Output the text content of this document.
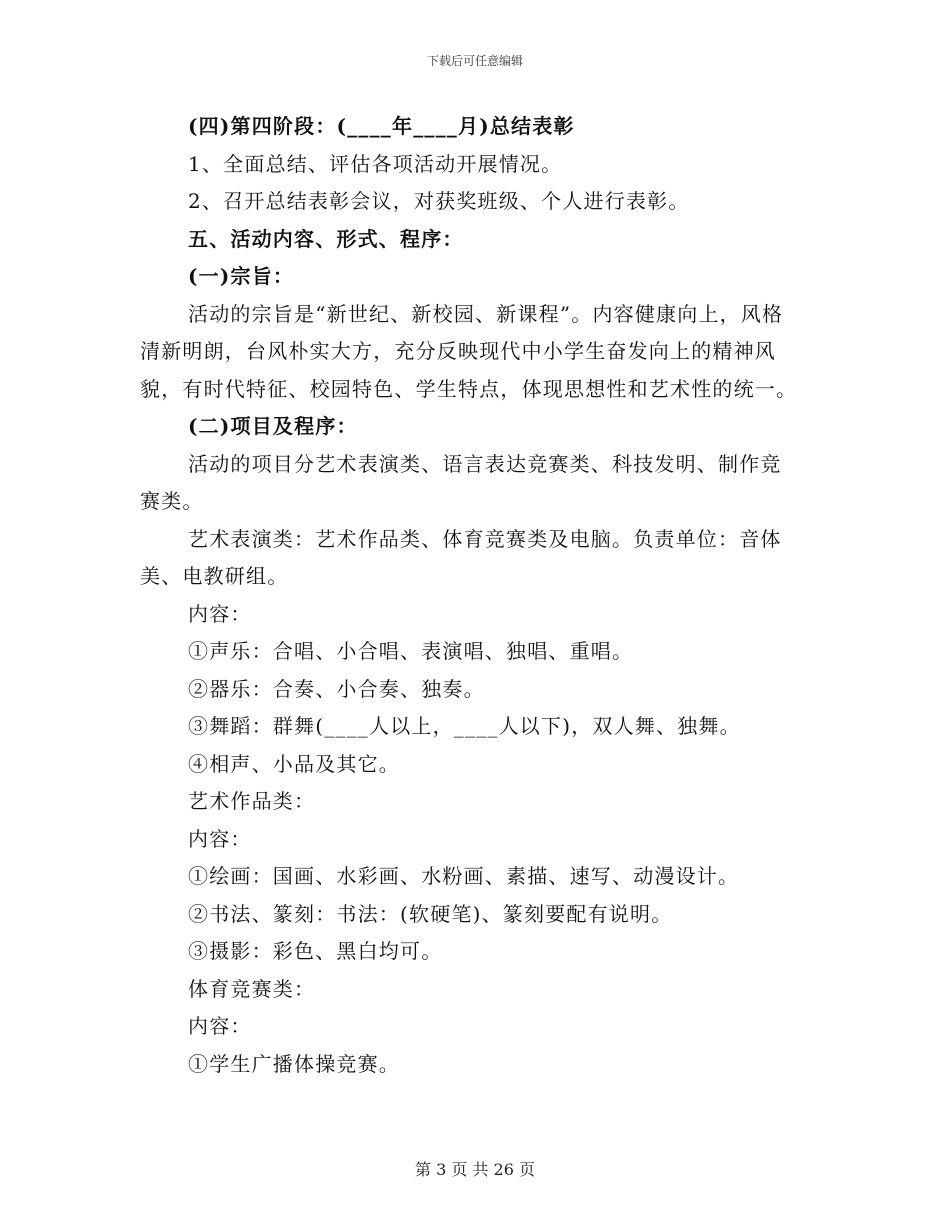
下载后可任意编辑

(四)第四阶段：(____年____月)总结表彰

1、全面总结、评估各项活动开展情况。

2、召开总结表彰会议，对获奖班级、个人进行表彰。

五、活动内容、形式、程序：

(一)宗旨：

活动的宗旨是“新世纪、新校园、新课程”。内容健康向上，风格清新明朗，台风朴实大方，充分反映现代中小学生奋发向上的精神风貌，有时代特征、校园特色、学生特点，体现思想性和艺术性的统一。

(二)项目及程序：

活动的项目分艺术表演类、语言表达竞赛类、科技发明、制作竞赛类。

艺术表演类：艺术作品类、体育竞赛类及电脑。负责单位：音体美、电教研组。

内容：

①声乐：合唱、小合唱、表演唱、独唱、重唱。

②器乐：合奏、小合奏、独奏。

③舞蹈：群舞(____人以上，____人以下)，双人舞、独舞。

④相声、小品及其它。

艺术作品类：

内容：

①绘画：国画、水彩画、水粉画、素描、速写、动漫设计。

②书法、篆刻：书法：(软硬笔)、篆刻要配有说明。

③摄影：彩色、黑白均可。

体育竞赛类：

内容：

①学生广播体操竞赛。

第 3 页 共 26 页
